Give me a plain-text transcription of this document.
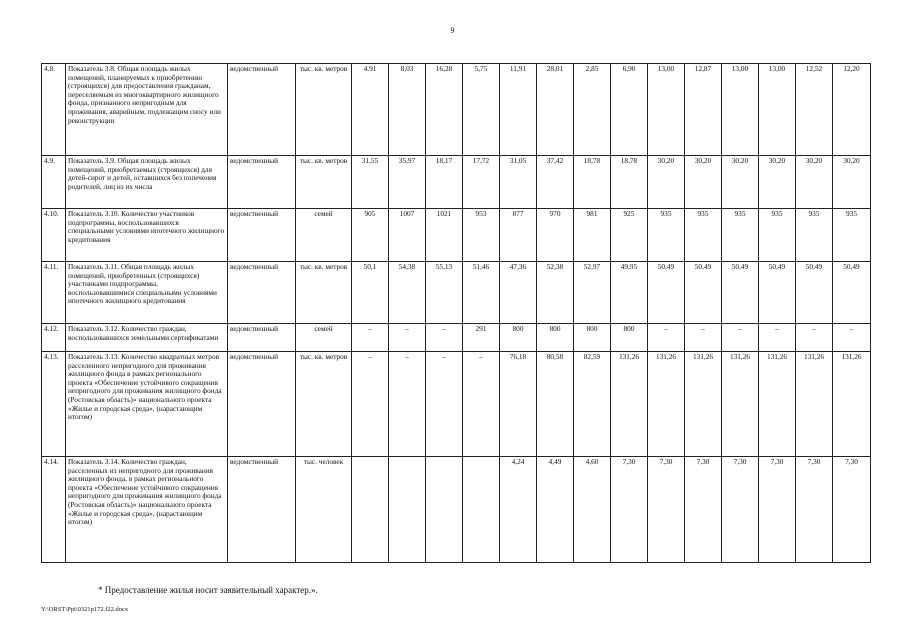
9
4.8.	Показатель 3.8. Общая площадь жилых помещений, планируемых к приобретению (строящихся) для предоставления гражданам, переселяемым из многоквартирного жилищного фонда, признанного непригодным для проживания, аварийным, подлежащим сносу или реконструкции	ведомственный	тыс. кв. метров	4.91	8,03	16,28	5,75	11,91	28,01	2,85	6,90	13,00	12,87	13,00	13,00	12,52	12,20
4.9.	Показатель 3.9. Общая площадь жилых помещений, приобретаемых (строящихся) для детей-сирот и детей, оставшихся без попечения родителей, лиц из их числа	ведомственный	тыс. кв. метров	31,55	35,97	18,17	17,72	31,05	37,42	18,78	18,78	30,20	30,20	30,20	30,20	30,20	30,20
4.10.	Показатель 3.10. Количество участников подпрограммы, воспользовавшихся специальными условиями ипотечного жилищного кредитования	ведомственный	семей	905	1007	1021	953	877	970	981	925	935	935	935	935	935	935
4.11.	Показатель 3.11. Общая площадь жилых помещений, приобретенных (строящихся) участниками подпрограммы, воспользовавшимися специальными условиями ипотечного жилищного кредитования	ведомственный	тыс. кв. метров	50,1	54,38	55,13	51,46	47,36	52,38	52,97	49,95	50,49	50,49	50,49	50,49	50,49	50,49
4.12.	Показатель 3.12. Количество граждан, воспользовавшихся земельными сертификатами	ведомственный	семей	–	–	–	291	800	800	800	800	–	–	–	–	–	–
4.13.	Показатель 3.13. Количество квадратных метров расселенного непригодного для проживания жилищного фонда в рамках регионального проекта «Обеспечение устойчивого сокращения непригодного для проживания жилищного фонда (Ростовская область)» национального проекта «Жилье и городская среда», (нарастающим итогом)	ведомственный	тыс. кв. метров	–	–	–	–	76,18	80,58	82,59	131,26	131,26	131,26	131,26	131,26	131,26	131,26
4.14.	Показатель 3.14. Количество граждан, расселенных из непригодного для проживания жилищного фонда, в рамках регионального проекта «Обеспечение устойчивого сокращения непригодного для проживания жилищного фонда (Ростовская область)» национального проекта «Жилье и городская среда», (нарастающим итогом)	ведомственный	тыс. человек					4,24	4,49	4,60	7,30	7,30	7,30	7,30	7,30	7,30	7,30
* Предоставление жилья носит заявительный характер.».
Y:\ORST\Ppi\0321p172.f22.docx
